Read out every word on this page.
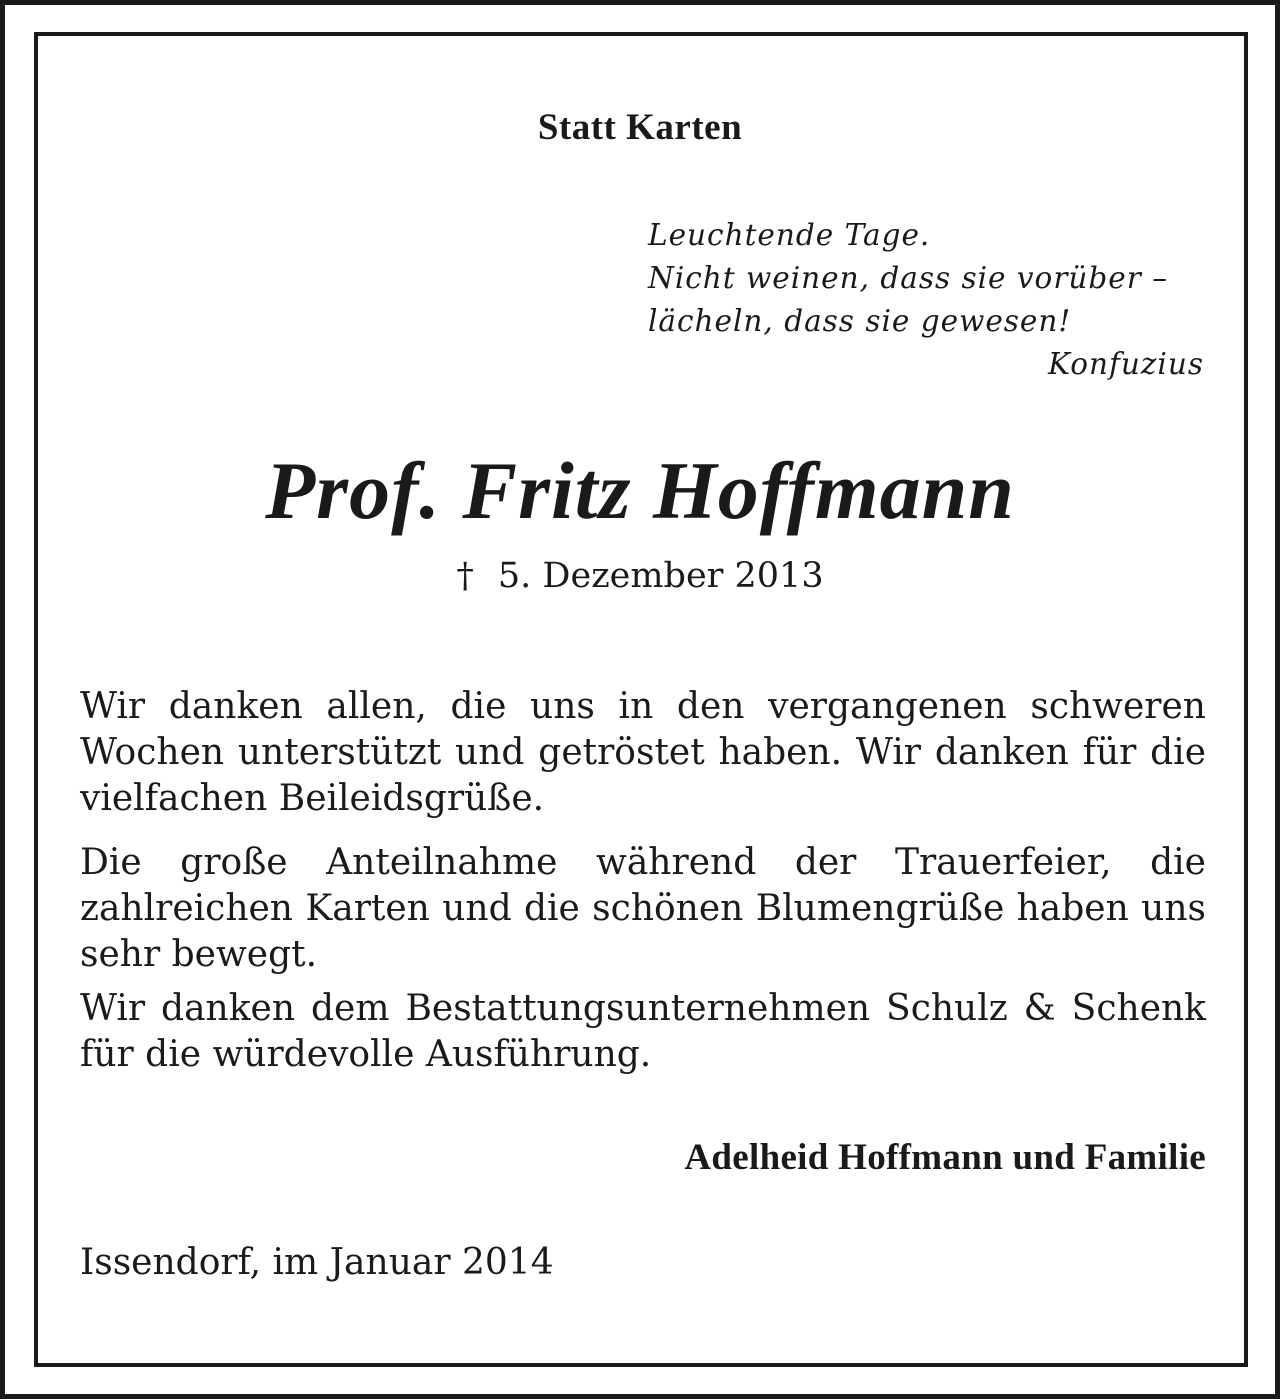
Statt Karten
Leuchtende Tage.
Nicht weinen, dass sie vorüber –
lächeln, dass sie gewesen!
Konfuzius
Prof. Fritz Hoffmann
† 5. Dezember 2013

Wir danken allen, die uns in den vergangenen schweren Wochen unterstützt und getröstet haben. Wir danken für die vielfachen Beileidsgrüße.

Die große Anteilnahme während der Trauerfeier, die zahlreichen Karten und die schönen Blumengrüße haben uns sehr bewegt.

Wir danken dem Bestattungsunternehmen Schulz & Schenk für die würdevolle Ausführung.

Adelheid Hoffmann und Familie
Issendorf, im Januar 2014
